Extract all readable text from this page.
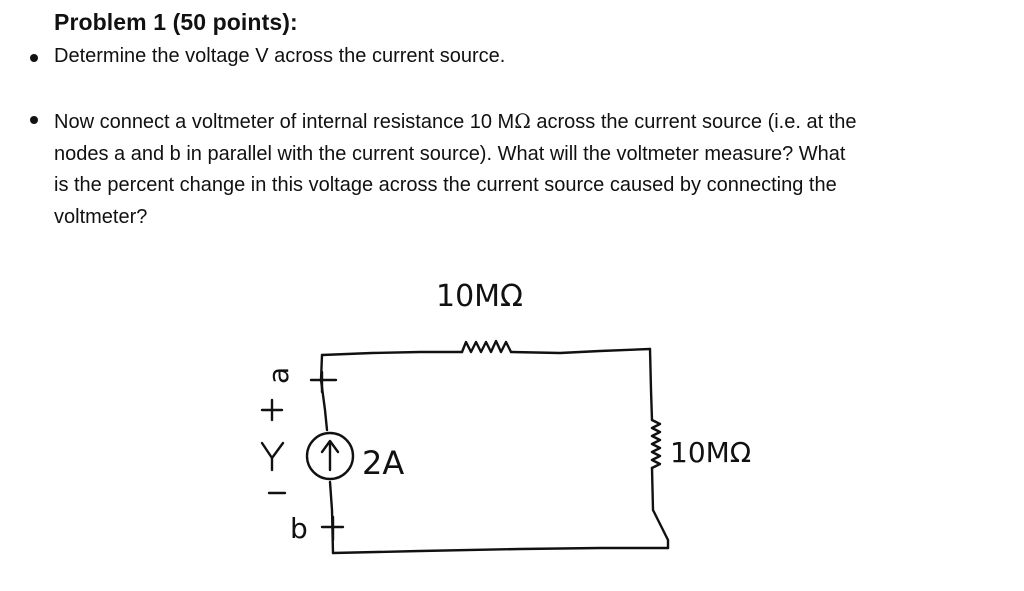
Problem 1 (50 points):
Determine the voltage V across the current source.
Now connect a voltmeter of internal resistance 10 MΩ across the current source (i.e. at the
nodes a and b in parallel with the current source). What will the voltmeter measure? What
is the percent change in this voltage across the current source caused by connecting the
voltmeter?
10MΩ
10MΩ
2A
a
b
